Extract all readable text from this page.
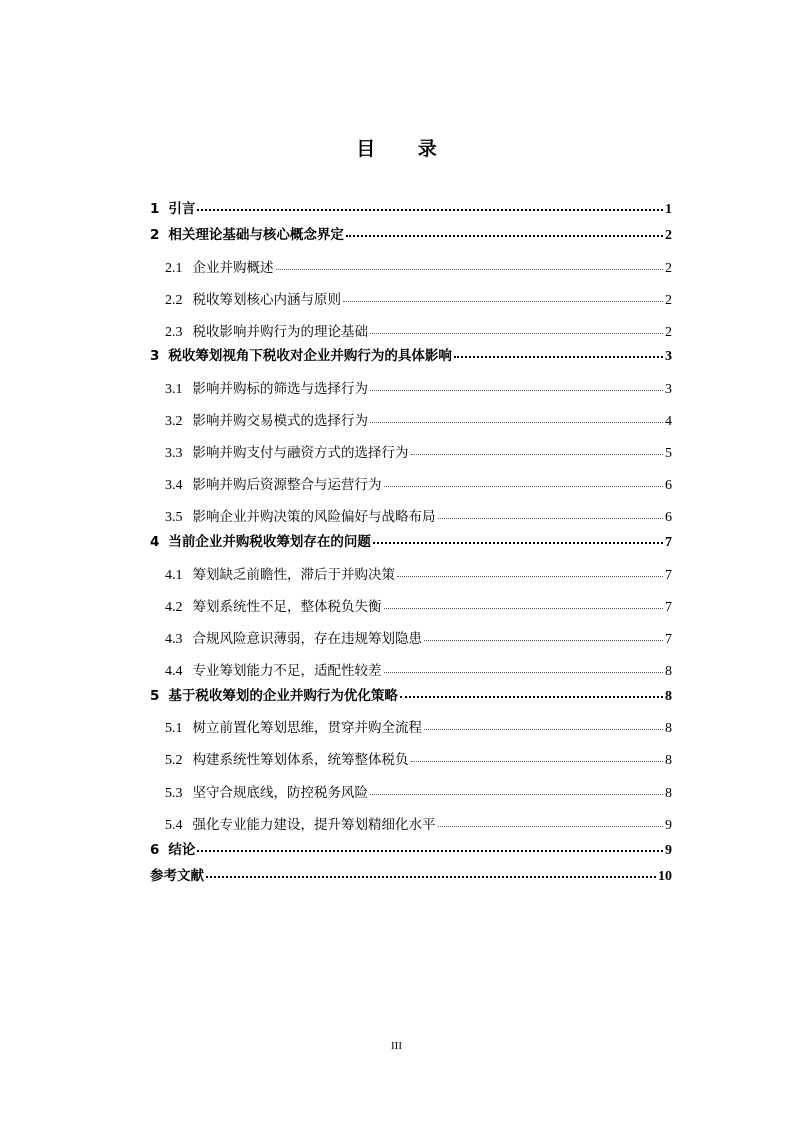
目 录
1 引言	1
2 相关理论基础与核心概念界定	2
2.1 企业并购概述	2
2.2 税收筹划核心内涵与原则	2
2.3 税收影响并购行为的理论基础	2
3 税收筹划视角下税收对企业并购行为的具体影响	3
3.1 影响并购标的筛选与选择行为	3
3.2 影响并购交易模式的选择行为	4
3.3 影响并购支付与融资方式的选择行为	5
3.4 影响并购后资源整合与运营行为	6
3.5 影响企业并购决策的风险偏好与战略布局	6
4 当前企业并购税收筹划存在的问题	7
4.1 筹划缺乏前瞻性，滞后于并购决策	7
4.2 筹划系统性不足，整体税负失衡	7
4.3 合规风险意识薄弱，存在违规筹划隐患	7
4.4 专业筹划能力不足，适配性较差	8
5 基于税收筹划的企业并购行为优化策略	8
5.1 树立前置化筹划思维，贯穿并购全流程	8
5.2 构建系统性筹划体系，统筹整体税负	8
5.3 坚守合规底线，防控税务风险	8
5.4 强化专业能力建设，提升筹划精细化水平	9
6 结论	9
参考文献	10
III
